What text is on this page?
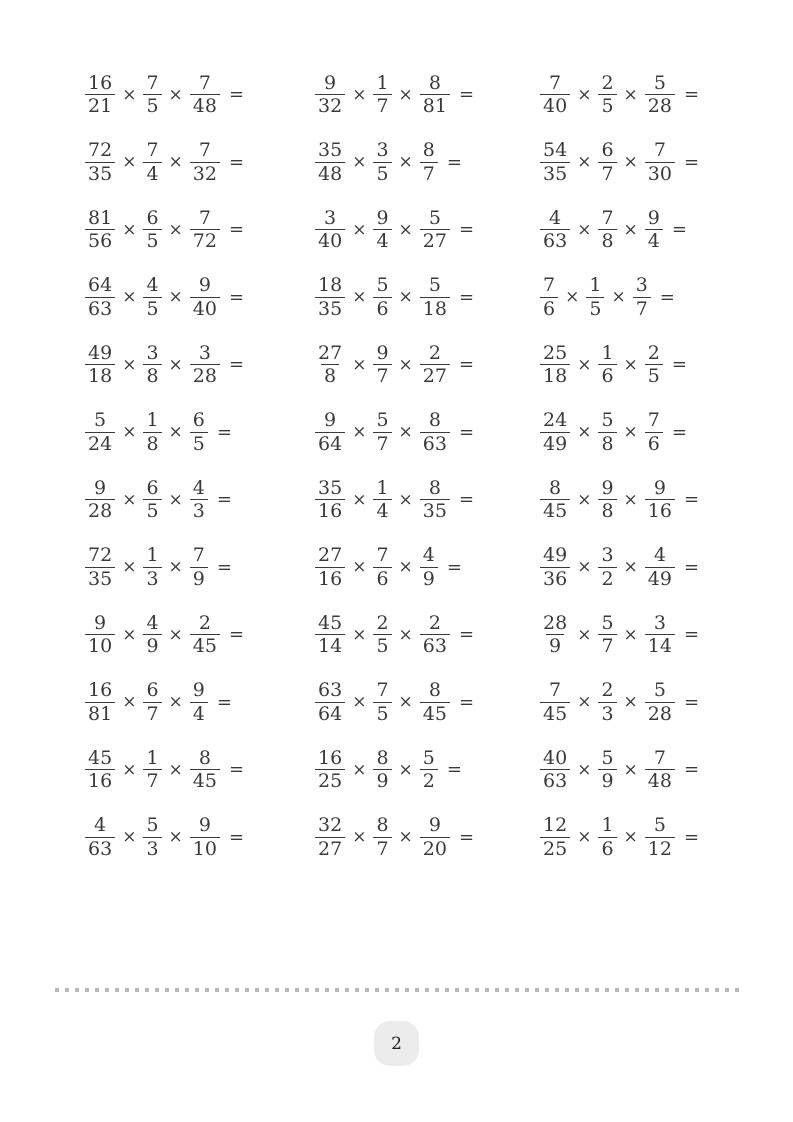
$\frac{16}{21} \times \frac{7}{5} \times \frac{7}{48}$ =	$\frac{9}{32} \times \frac{1}{7} \times \frac{8}{81}$ =	$\frac{7}{40} \times \frac{2}{5} \times \frac{5}{28}$ =
$\frac{72}{35} \times \frac{7}{4} \times \frac{7}{32}$ =	$\frac{35}{48} \times \frac{3}{5} \times \frac{8}{7}$ =	$\frac{54}{35} \times \frac{6}{7} \times \frac{7}{30}$ =
$\frac{81}{56} \times \frac{6}{5} \times \frac{7}{72}$ =	$\frac{3}{40} \times \frac{9}{4} \times \frac{5}{27}$ =	$\frac{4}{63} \times \frac{7}{8} \times \frac{9}{4}$ =
$\frac{64}{63} \times \frac{4}{5} \times \frac{9}{40}$ =	$\frac{18}{35} \times \frac{5}{6} \times \frac{5}{18}$ =	$\frac{7}{6} \times \frac{1}{5} \times \frac{3}{7}$ =
$\frac{49}{18} \times \frac{3}{8} \times \frac{3}{28}$ =	$\frac{27}{8} \times \frac{9}{7} \times \frac{2}{27}$ =	$\frac{25}{18} \times \frac{1}{6} \times \frac{2}{5}$ =
$\frac{5}{24} \times \frac{1}{8} \times \frac{6}{5}$ =	$\frac{9}{64} \times \frac{5}{7} \times \frac{8}{63}$ =	$\frac{24}{49} \times \frac{5}{8} \times \frac{7}{6}$ =
$\frac{9}{28} \times \frac{6}{5} \times \frac{4}{3}$ =	$\frac{35}{16} \times \frac{1}{4} \times \frac{8}{35}$ =	$\frac{8}{45} \times \frac{9}{8} \times \frac{9}{16}$ =
$\frac{72}{35} \times \frac{1}{3} \times \frac{7}{9}$ =	$\frac{27}{16} \times \frac{7}{6} \times \frac{4}{9}$ =	$\frac{49}{36} \times \frac{3}{2} \times \frac{4}{49}$ =
$\frac{9}{10} \times \frac{4}{9} \times \frac{2}{45}$ =	$\frac{45}{14} \times \frac{2}{5} \times \frac{2}{63}$ =	$\frac{28}{9} \times \frac{5}{7} \times \frac{3}{14}$ =
$\frac{16}{81} \times \frac{6}{7} \times \frac{9}{4}$ =	$\frac{63}{64} \times \frac{7}{5} \times \frac{8}{45}$ =	$\frac{7}{45} \times \frac{2}{3} \times \frac{5}{28}$ =
$\frac{45}{16} \times \frac{1}{7} \times \frac{8}{45}$ =	$\frac{16}{25} \times \frac{8}{9} \times \frac{5}{2}$ =	$\frac{40}{63} \times \frac{5}{9} \times \frac{7}{48}$ =
$\frac{4}{63} \times \frac{5}{3} \times \frac{9}{10}$ =	$\frac{32}{27} \times \frac{8}{7} \times \frac{9}{20}$ =	$\frac{12}{25} \times \frac{1}{6} \times \frac{5}{12}$ =
2
